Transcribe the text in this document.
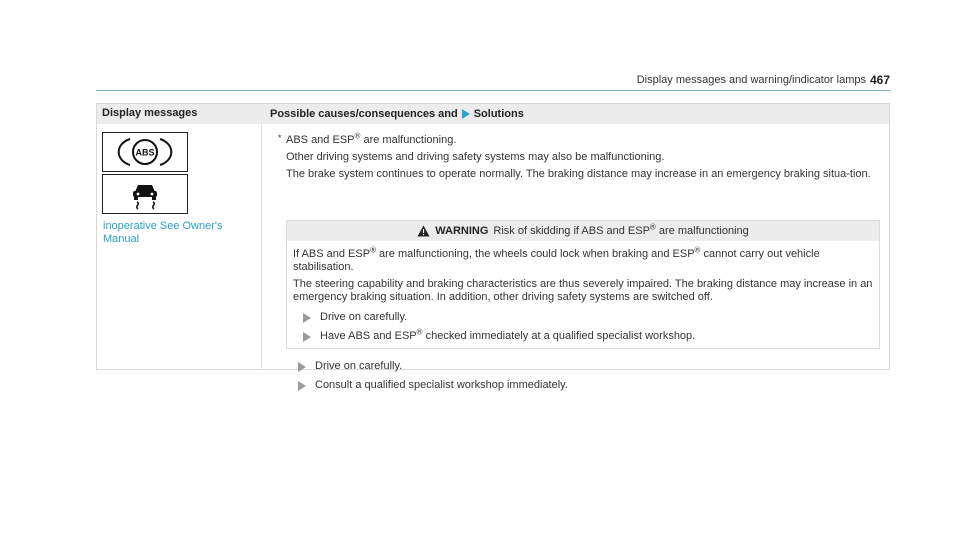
Display messages and warning/indicator lamps 467
Display messages	Possible causes/consequences and Solutions
ABS
inoperative See Owner's Manual
* ABS and ESP® are malfunctioning.
Other driving systems and driving safety systems may also be malfunctioning.
The brake system continues to operate normally. The braking distance may increase in an emergency braking situa-tion.
WARNING Risk of skidding if ABS and ESP® are malfunctioning
If ABS and ESP® are malfunctioning, the wheels could lock when braking and ESP® cannot carry out vehicle stabilisation.
The steering capability and braking characteristics are thus severely impaired. The braking distance may increase in an emergency braking situation. In addition, other driving safety systems are switched off.
Drive on carefully.
Have ABS and ESP® checked immediately at a qualified specialist workshop.
Drive on carefully.
Consult a qualified specialist workshop immediately.
